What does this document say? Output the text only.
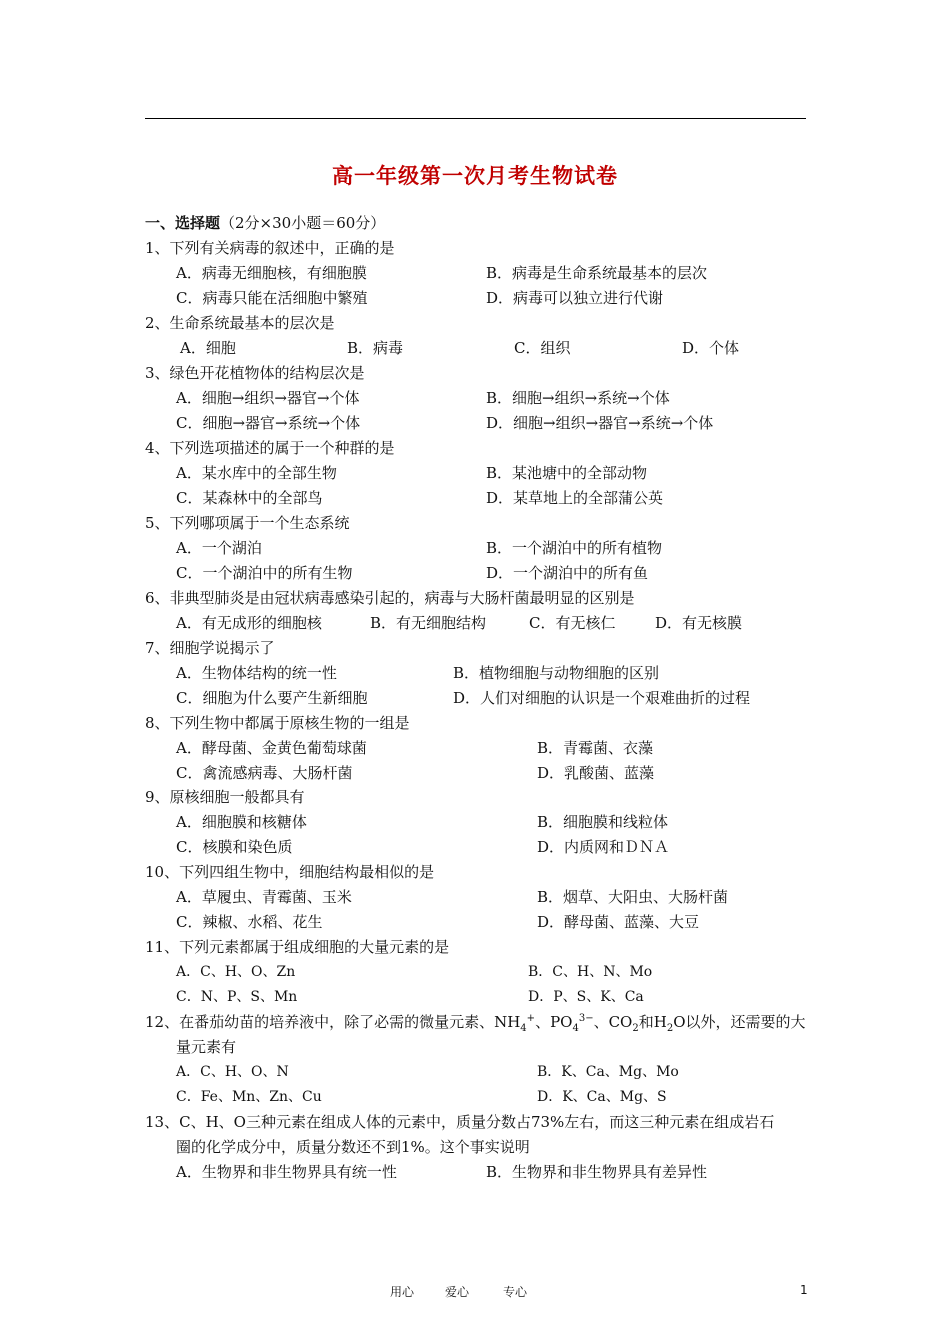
高一年级第一次月考生物试卷
一、选择题（2分×30小题＝60分）
1、下列有关病毒的叙述中，正确的是
A．病毒无细胞核，有细胞膜	B．病毒是生命系统最基本的层次
C．病毒只能在活细胞中繁殖	D．病毒可以独立进行代谢
2、生命系统最基本的层次是
A．细胞	B．病毒	C．组织	D．个体
3、绿色开花植物体的结构层次是
A．细胞→组织→器官→个体	B．细胞→组织→系统→个体
C．细胞→器官→系统→个体	D．细胞→组织→器官→系统→个体
4、下列选项描述的属于一个种群的是
A．某水库中的全部生物	B．某池塘中的全部动物
C．某森林中的全部鸟	D．某草地上的全部蒲公英
5、下列哪项属于一个生态系统
A．一个湖泊	B．一个湖泊中的所有植物
C．一个湖泊中的所有生物	D．一个湖泊中的所有鱼
6、非典型肺炎是由冠状病毒感染引起的，病毒与大肠杆菌最明显的区别是
A．有无成形的细胞核	B．有无细胞结构	C．有无核仁	D．有无核膜
7、细胞学说揭示了
A．生物体结构的统一性	B．植物细胞与动物细胞的区别
C．细胞为什么要产生新细胞	D．人们对细胞的认识是一个艰难曲折的过程
8、下列生物中都属于原核生物的一组是
A．酵母菌、金黄色葡萄球菌	B．青霉菌、衣藻
C．禽流感病毒、大肠杆菌	D．乳酸菌、蓝藻
9、原核细胞一般都具有
A．细胞膜和核糖体	B．细胞膜和线粒体
C．核膜和染色质	D．内质网和ＤＮＡ
10、下列四组生物中，细胞结构最相似的是
A．草履虫、青霉菌、玉米	B．烟草、大阳虫、大肠杆菌
C．辣椒、水稻、花生	D．酵母菌、蓝藻、大豆
11、下列元素都属于组成细胞的大量元素的是
A．C、H、O、Zn	B．C、H、N、Mo
C．N、P、S、Mn	D．P、S、K、Ca
12、在番茄幼苗的培养液中，除了必需的微量元素、$NH_4^+$、$PO_4^{3-}$、$CO_2$和$H_2O$以外，还需要的大
量元素有
A．C、H、O、N	B．K、Ca、Mg、Mo
C．Fe、Mn、Zn、Cu	D．K、Ca、Mg、S
13、C、H、O三种元素在组成人体的元素中，质量分数占73%左右，而这三种元素在组成岩石
圈的化学成分中，质量分数还不到1%。这个事实说明
A．生物界和非生物界具有统一性	B．生物界和非生物界具有差异性
用心	爱心	专心	1
